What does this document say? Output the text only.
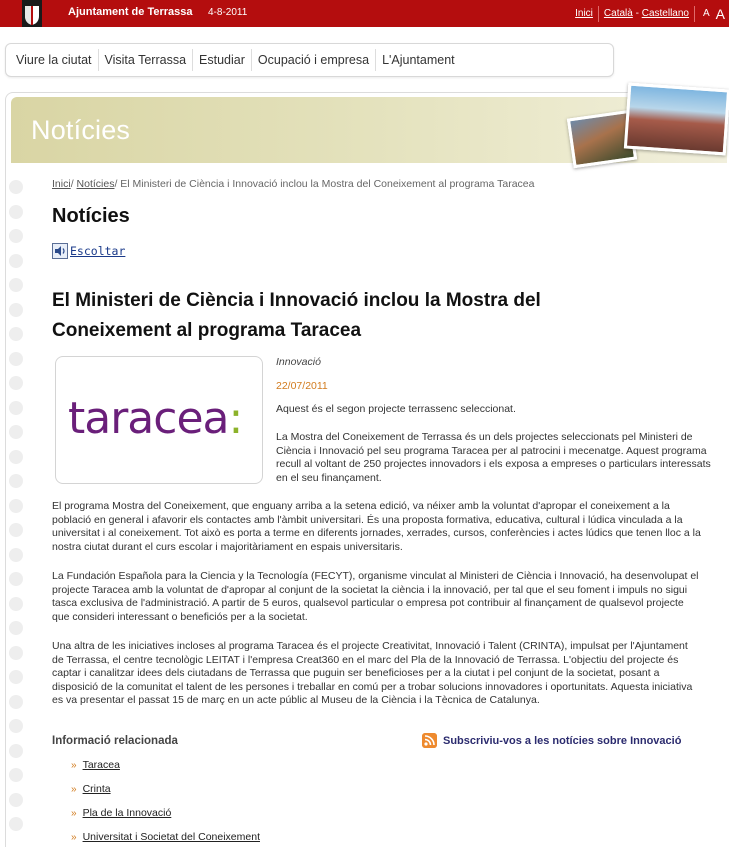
Ajuntament de Terrassa 4-8-2011	Inici Català - Castellano A A
Viure la ciutat	Visita Terrassa	Estudiar	Ocupació i empresa	L'Ajuntament
Notícies
Inici/ Notícies/ El Ministeri de Ciència i Innovació inclou la Mostra del Coneixement al programa Taracea
Notícies
Escoltar
El Ministeri de Ciència i Innovació inclou la Mostra del Coneixement al programa Taracea
taracea:
Innovació
22/07/2011
Aquest és el segon projecte terrassenc seleccionat.
La Mostra del Coneixement de Terrassa és un dels projectes seleccionats pel Ministeri de Ciència i Innovació pel seu programa Taracea per al patrocini i mecenatge. Aquest programa recull al voltant de 250 projectes innovadors i els exposa a empreses o particulars interessats en el seu finançament.
El programa Mostra del Coneixement, que enguany arriba a la setena edició, va néixer amb la voluntat d'apropar el coneixement a la població en general i afavorir els contactes amb l'àmbit universitari. És una proposta formativa, educativa, cultural i lúdica vinculada a la universitat i al coneixement. Tot això es porta a terme en diferents jornades, xerrades, cursos, conferències i actes lúdics que tenen lloc a la nostra ciutat durant el curs escolar i majoritàriament en espais universitaris.
La Fundación Española para la Ciencia y la Tecnología (FECYT), organisme vinculat al Ministeri de Ciència i Innovació, ha desenvolupat el projecte Taracea amb la voluntat de d'apropar al conjunt de la societat la ciència i la innovació, per tal que el seu foment i impuls no sigui tasca exclusiva de l'administració. A partir de 5 euros, qualsevol particular o empresa pot contribuir al finançament de qualsevol projecte que consideri interessant o beneficiós per a la societat.
Una altra de les iniciatives incloses al programa Taracea és el projecte Creativitat, Innovació i Talent (CRINTA), impulsat per l'Ajuntament de Terrassa, el centre tecnològic LEITAT i l'empresa Creat360 en el marc del Pla de la Innovació de Terrassa. L'objectiu del projecte és captar i canalitzar idees dels ciutadans de Terrassa que puguin ser beneficioses per a la ciutat i pel conjunt de la societat, posant a disposició de la comunitat el talent de les persones i treballar en comú per a trobar solucions innovadores i oportunitats. Aquesta iniciativa es va presentar el passat 15 de març en un acte públic al Museu de la Ciència i la Tècnica de Catalunya.
Informació relacionada	Subscriviu-vos a les notícies sobre Innovació
» Taracea
» Crinta
» Pla de la Innovació
» Universitat i Societat del Coneixement
